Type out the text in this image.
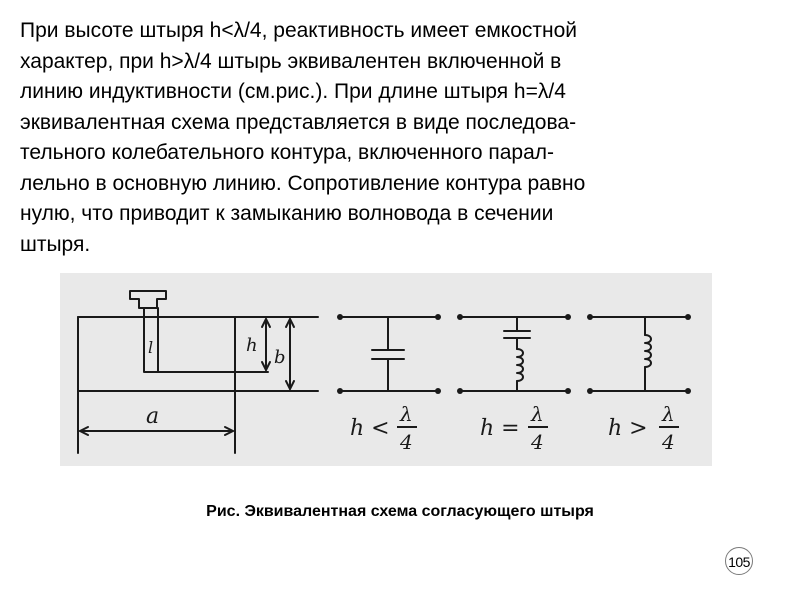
При высоте штыря h<λ/4, реактивность имеет емкостной
характер, при h>λ/4 штырь эквивалентен включенной в
линию индуктивности (см.рис.). При длине штыря h=λ/4
эквивалентная схема представляется в виде последова-
тельного колебательного контура, включенного парал-
лельно в основную линию. Сопротивление контура равно
нулю, что приводит к замыканию волновода в сечении
штыря.

l	h
b
a	h <
λ
4
h =
λ
4
h >
λ
4
Рис. Эквивалентная схема согласующего штыря
105
